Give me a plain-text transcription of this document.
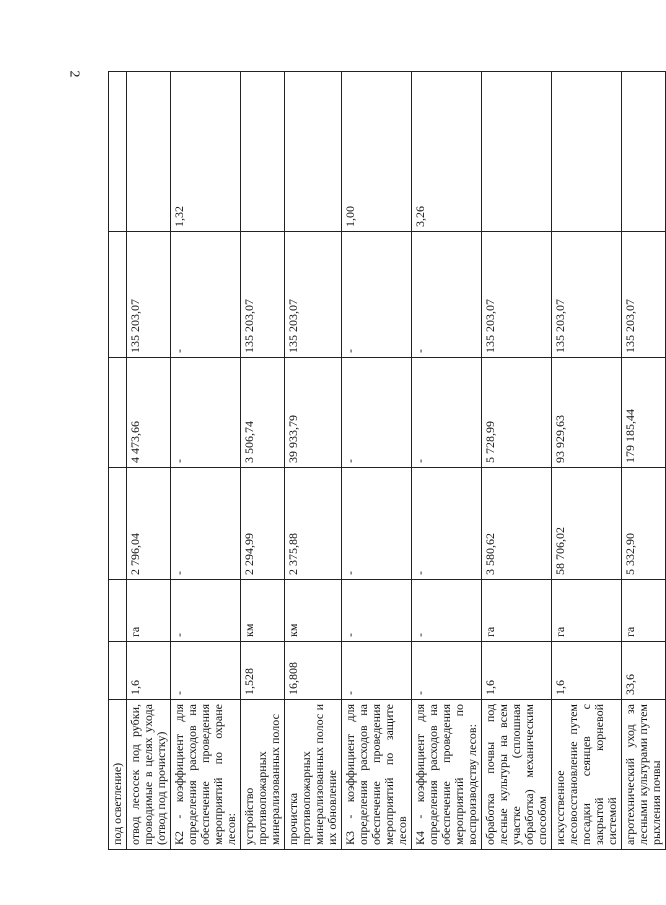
2
под осветление)						
отвод лесосек под рубки, проводимые в целях ухода (отвод под прочистку)	1,6	га	2 796,04	4 473,66	135 203,07	
К2 - коэффициент для определения расходов на обеспечение проведения мероприятий по охране лесов:	-	-	-	-	-	1,32
устройство противопожарных минерализованных полос	1,528	км	2 294,99	3 506,74	135 203,07	
прочистка противопожарных минерализованных полос и их обновление	16,808	км	2 375,88	39 933,79	135 203,07	
К3 - коэффициент для определения расходов на обеспечение проведения мероприятий по защите лесов	-	-	-	-	-	1,00
К4 - коэффициент для определения расходов на обеспечение проведения мероприятий по воспроизводству лесов:	-	-	-	-	-	3,26
обработка почвы под лесные культуры на всем участке (сплошная обработка) механическим способом	1,6	га	3 580,62	5 728,99	135 203,07	
искусственное лесовосстановление путем посадки сеянцев с закрытой корневой системой	1,6	га	58 706,02	93 929,63	135 203,07	
агротехнический уход за лесными культурами путем рыхления почвы	33,6	га	5 332,90	179 185,44	135 203,07	
